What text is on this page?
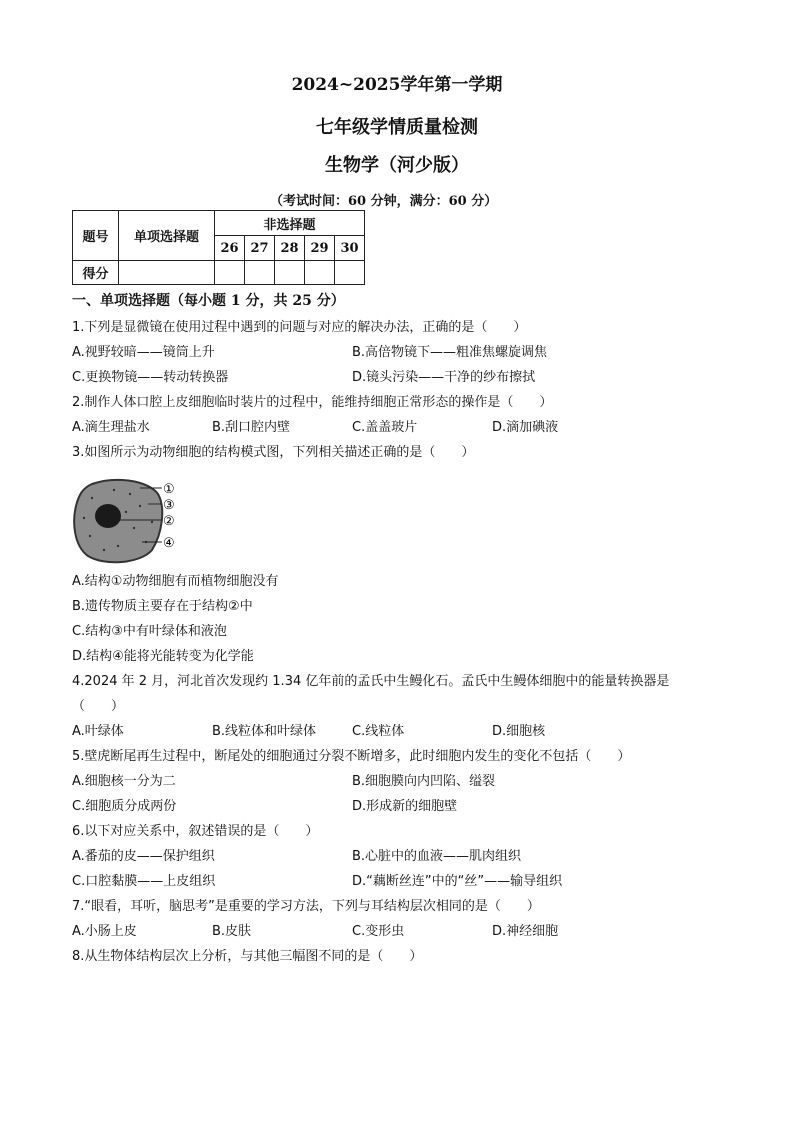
2024~2025学年第一学期
七年级学情质量检测
生物学（河少版）
（考试时间：60 分钟，满分：60 分）
题号	单项选择题	非选择题				
		26	27	28	29	30
得分						
一、单项选择题（每小题 1 分，共 25 分）
1.下列是显微镜在使用过程中遇到的问题与对应的解决办法，正确的是（　　）
A.视野较暗——镜筒上升	B.高倍物镜下——粗准焦螺旋调焦
C.更换物镜——转动转换器	D.镜头污染——干净的纱布擦拭
2.制作人体口腔上皮细胞临时装片的过程中，能维持细胞正常形态的操作是（　　）
A.滴生理盐水	B.刮口腔内壁	C.盖盖玻片	D.滴加碘液
3.如图所示为动物细胞的结构模式图，下列相关描述正确的是（　　）
①
③
②
④
A.结构①动物细胞有而植物细胞没有
B.遗传物质主要存在于结构②中
C.结构③中有叶绿体和液泡
D.结构④能将光能转变为化学能
4.2024 年 2 月，河北首次发现约 1.34 亿年前的孟氏中生鳗化石。孟氏中生鳗体细胞中的能量转换器是
（　　）
A.叶绿体	B.线粒体和叶绿体	C.线粒体	D.细胞核
5.壁虎断尾再生过程中，断尾处的细胞通过分裂不断增多，此时细胞内发生的变化不包括（　　）
A.细胞核一分为二	B.细胞膜向内凹陷、缢裂
C.细胞质分成两份	D.形成新的细胞壁
6.以下对应关系中，叙述错误的是（　　）
A.番茄的皮——保护组织	B.心脏中的血液——肌肉组织
C.口腔黏膜——上皮组织	D.“藕断丝连”中的“丝”——输导组织
7.“眼看，耳听，脑思考”是重要的学习方法，下列与耳结构层次相同的是（　　）
A.小肠上皮	B.皮肤	C.变形虫	D.神经细胞
8.从生物体结构层次上分析，与其他三幅图不同的是（　　）
